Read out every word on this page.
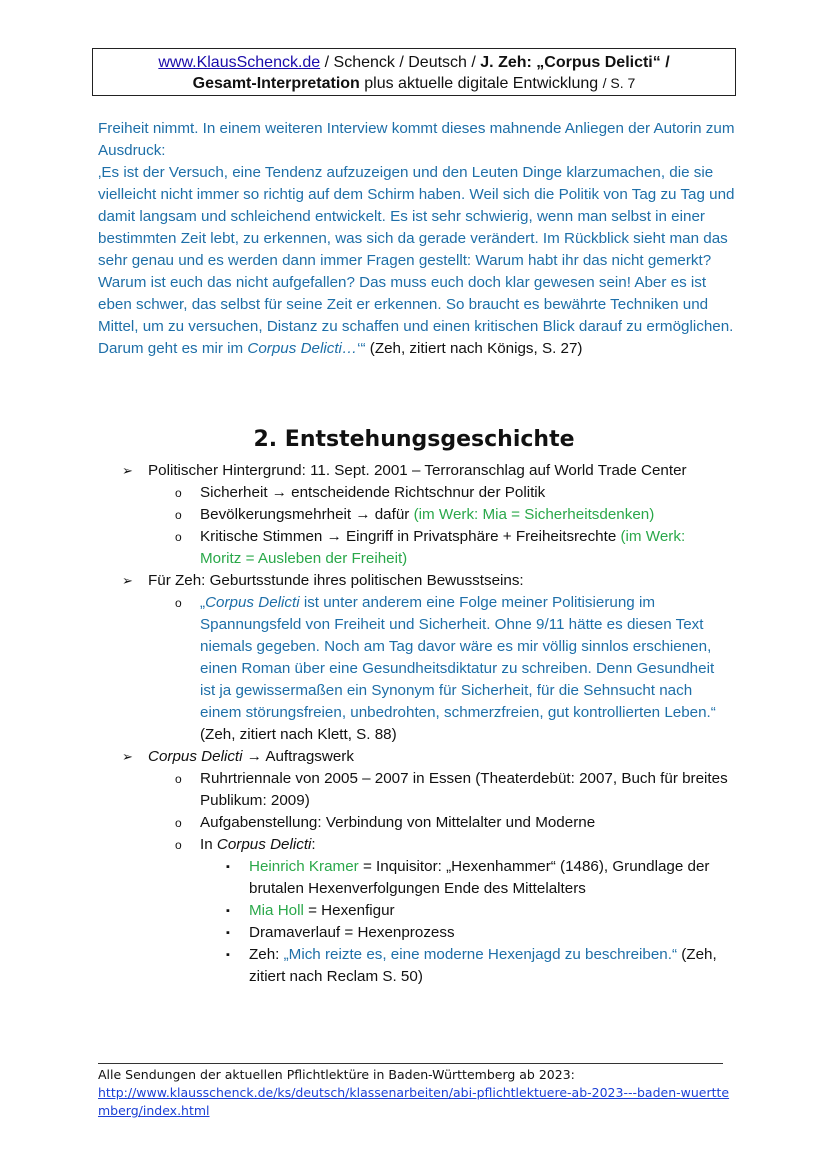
www.KlausSchenck.de / Schenck / Deutsch / J. Zeh: „Corpus Delicti“ /
Gesamt-Interpretation plus aktuelle digitale Entwicklung / S. 7

Freiheit nimmt. In einem weiteren Interview kommt dieses mahnende Anliegen der Autorin zum Ausdruck:

‚Es ist der Versuch, eine Tendenz aufzuzeigen und den Leuten Dinge klarzumachen, die sie vielleicht nicht immer so richtig auf dem Schirm haben. Weil sich die Politik von Tag zu Tag und damit langsam und schleichend entwickelt. Es ist sehr schwierig, wenn man selbst in einer bestimmten Zeit lebt, zu erkennen, was sich da gerade verändert. Im Rückblick sieht man das sehr genau und es werden dann immer Fragen gestellt: Warum habt ihr das nicht gemerkt? Warum ist euch das nicht aufgefallen? Das muss euch doch klar gewesen sein! Aber es ist eben schwer, das selbst für seine Zeit er erkennen. So braucht es bewährte Techniken und Mittel, um zu versuchen, Distanz zu schaffen und einen kritischen Blick darauf zu ermöglichen. Darum geht es mir im Corpus Delicti…‘“ (Zeh, zitiert nach Königs, S. 27)

2. Entstehungsgeschichte
➢ Politischer Hintergrund: 11. Sept. 2001 – Terroranschlag auf World Trade Center
o Sicherheit → entscheidende Richtschnur der Politik
o Bevölkerungsmehrheit → dafür (im Werk: Mia = Sicherheitsdenken)
o Kritische Stimmen → Eingriff in Privatsphäre + Freiheitsrechte (im Werk: Moritz = Ausleben der Freiheit)
➢ Für Zeh: Geburtsstunde ihres politischen Bewusstseins:
o „Corpus Delicti ist unter anderem eine Folge meiner Politisierung im Spannungsfeld von Freiheit und Sicherheit. Ohne 9/11 hätte es diesen Text niemals gegeben. Noch am Tag davor wäre es mir völlig sinnlos erschienen, einen Roman über eine Gesundheitsdiktatur zu schreiben. Denn Gesundheit ist ja gewissermaßen ein Synonym für Sicherheit, für die Sehnsucht nach einem störungsfreien, unbedrohten, schmerzfreien, gut kontrollierten Leben.“ (Zeh, zitiert nach Klett, S. 88)
➢ Corpus Delicti → Auftragswerk
o Ruhrtriennale von 2005 – 2007 in Essen (Theaterdebüt: 2007, Buch für breites Publikum: 2009)
o Aufgabenstellung: Verbindung von Mittelalter und Moderne
o In Corpus Delicti:
▪ Heinrich Kramer = Inquisitor: „Hexenhammer“ (1486), Grundlage der brutalen Hexenverfolgungen Ende des Mittelalters
▪ Mia Holl = Hexenfigur
▪ Dramaverlauf = Hexenprozess
▪ Zeh: „Mich reizte es, eine moderne Hexenjagd zu beschreiben.“ (Zeh, zitiert nach Reclam S. 50)
Alle Sendungen der aktuellen Pflichtlektüre in Baden-Württemberg ab 2023:
http://www.klausschenck.de/ks/deutsch/klassenarbeiten/abi-pflichtlektuere-ab-2023---baden-wuerttemberg/index.html
